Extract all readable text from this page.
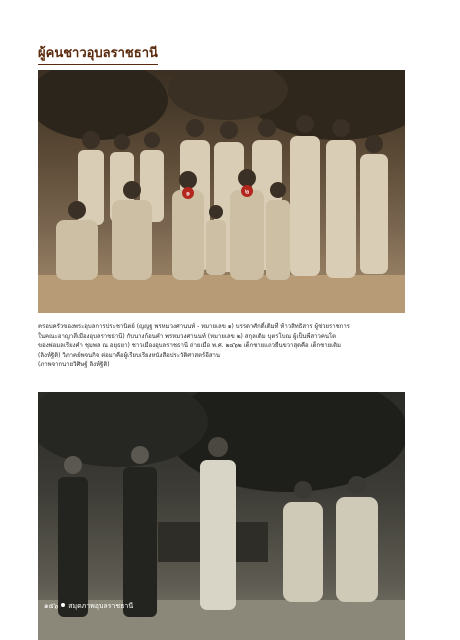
ผู้คนชาวอุบลราชธานี
๑	๒
ครอบครัวของพระอุบลการประชานิตย์ (ญญฐ พรหมวงศานนท์ - หมายเลข ๑) บรรดาศักดิ์เดิมที่ ท้าวสิทธิสาร ผู้ช่วยราชการ
ในคณะอาญาสี่เมืองอุบลราชธานี) กับนางก้อนคำ พรหมวงศานนท์ (หมายเลข ๒) สกุลเดิม บุตรโบณ ผู้เป็นพี่สาวคนโต
ของพ่อมลเรียงคำ ชุมพล ณ อยุธยา) ชาวเมืองอุบลราชธานี ถ่ายเมื่อ พ.ศ. ๒๔๖๒ เด็กชายแถวยืนขวาสุดคือ เด็กชายเติม
(ลิงห์ฐิติ) วิภาคย์พจนกิจ ต่อมาคือผู้เรียบเรียงหนังสือประวัติศาสตร์อีสาน
(ภาพจากนายวิศิษฐ์ ลิงห์ฐิติ)
๑๕๖ สมุดภาพอุบลราชธานี
